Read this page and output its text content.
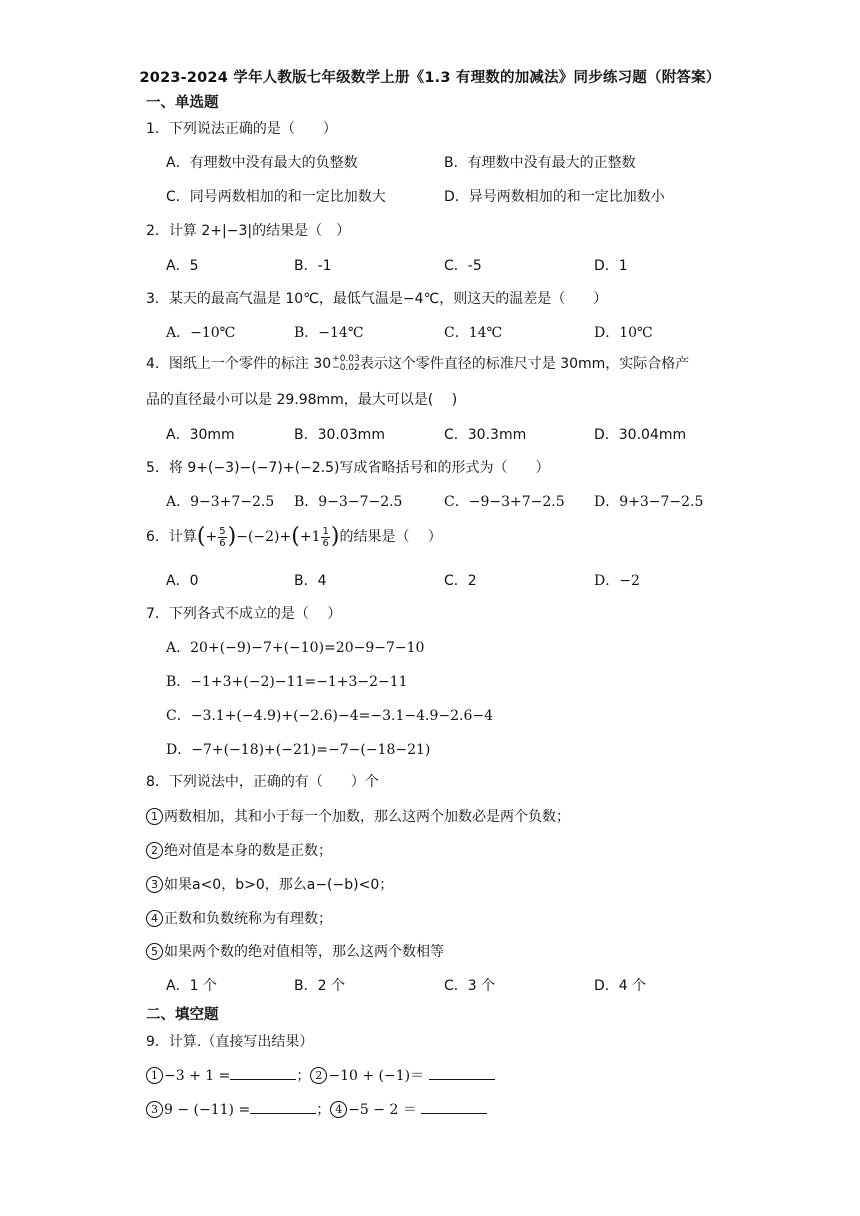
2023-2024 学年人教版七年级数学上册《1.3 有理数的加减法》同步练习题（附答案）
一、单选题
1．下列说法正确的是（　　）
A．有理数中没有最大的负整数	B．有理数中没有最大的正整数
C．同号两数相加的和一定比加数大	D．异号两数相加的和一定比加数小
2．计算 2+|−3|的结果是（　）
A．5	B．-1	C．-5	D．1
3．某天的最高气温是 10℃，最低气温是−4℃，则这天的温差是（　　）
A．−10℃	B．−14℃	C．14℃	D．10℃
4．图纸上一个零件的标注 30 +0.03
−0.02 表示这个零件直径的标准尺寸是 30mm，实际合格产
品的直径最小可以是 29.98mm，最大可以是(　 )
A．30mm	B．30.03mm	C．30.3mm	D．30.04mm
5．将 9+(−3)−(−7)+(−2.5)写成省略括号和的形式为（　　）
A．9−3+7−2.5 B．9−3−7−2.5	C．−9−3+7−2.5 D．9+3−7−2.5
6．计算(+ $\frac{5}{6} )-(-2)+(+1 \frac{1}{6}$ )的结果是（　 ）
A．0	B．4	C．2	D．−2
7．下列各式不成立的是（　 ）
A．20+(−9)−7+(−10)=20−9−7−10
B．−1+3+(−2)−11=−1+3−2−11
C．−3.1+(−4.9)+(−2.6)−4=−3.1−4.9−2.6−4
D．−7+(−18)+(−21)=−7−(−18−21)
8．下列说法中，正确的有（　　）个
1 两数相加，其和小于每一个加数，那么这两个加数必是两个负数；
2 绝对值是本身的数是正数；
3 如果a<0，b>0，那么a−(−b)<0；
4 正数和负数统称为有理数；
5 如果两个数的绝对值相等，那么这两个数相等
A．1 个	B．2 个	C．3 个	D．4 个
二、填空题
9．计算.（直接写出结果）
1 −3 + 1 =	； 2 −10 + (−1)＝
3 9 − (−11) =	； 4 −5 − 2 ＝
